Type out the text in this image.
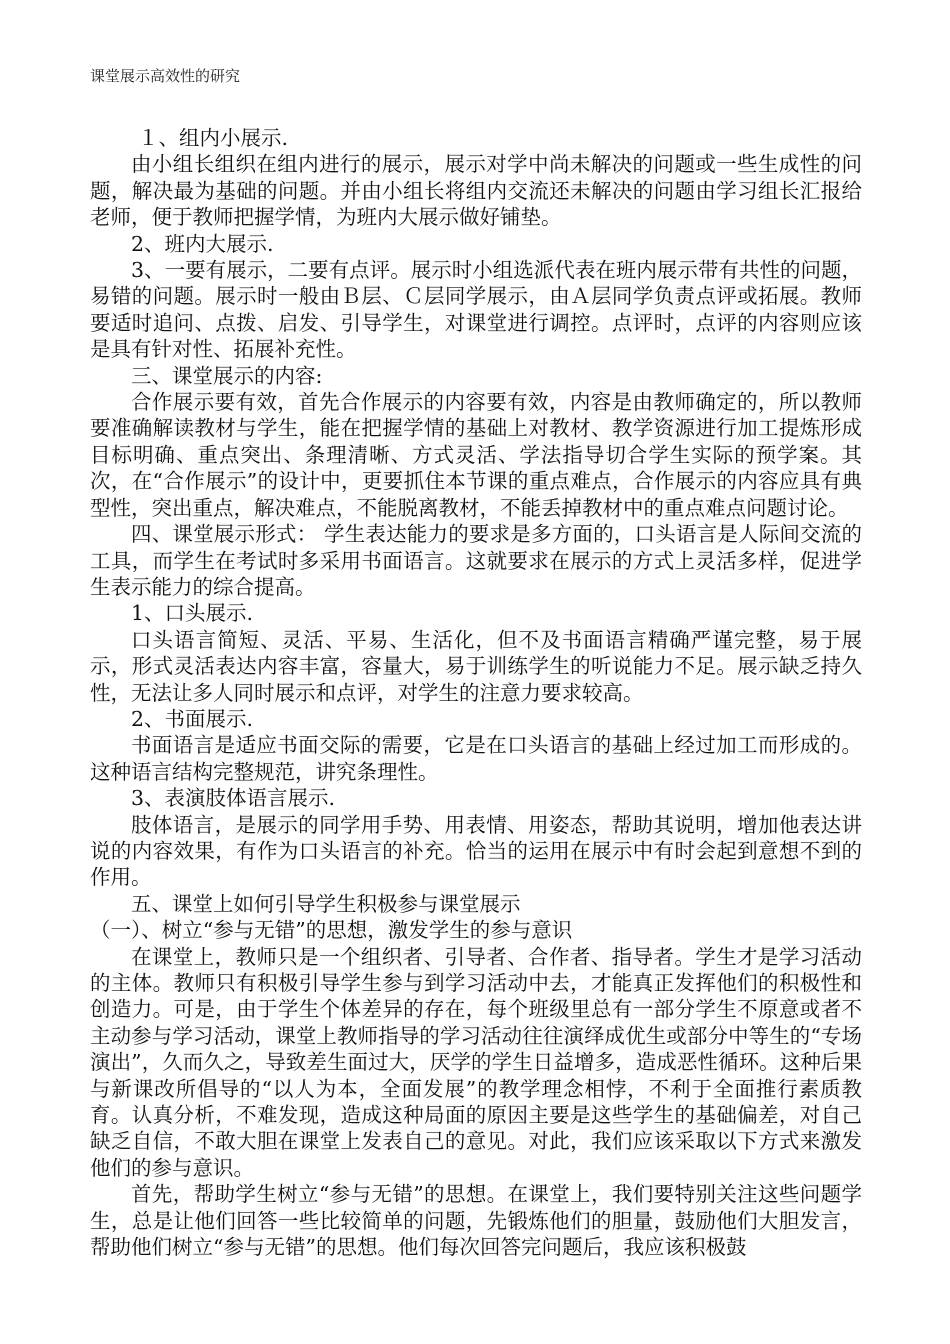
课堂展示高效性的研究

１、组内小展示.

由小组长组织在组内进行的展示，展示对学中尚未解决的问题或一些生成性的问题，解决最为基础的问题。并由小组长将组内交流还未解决的问题由学习组长汇报给老师，便于教师把握学情，为班内大展示做好铺垫。

2、班内大展示.

3、一要有展示，二要有点评。展示时小组选派代表在班内展示带有共性的问题，易错的问题。展示时一般由Ｂ层、Ｃ层同学展示，由Ａ层同学负责点评或拓展。教师要适时追问、点拨、启发、引导学生，对课堂进行调控。点评时，点评的内容则应该是具有针对性、拓展补充性。

三、课堂展示的内容:

合作展示要有效，首先合作展示的内容要有效，内容是由教师确定的，所以教师要准确解读教材与学生，能在把握学情的基础上对教材、教学资源进行加工提炼形成目标明确、重点突出、条理清晰、方式灵活、学法指导切合学生实际的预学案。其次，在“合作展示”的设计中，更要抓住本节课的重点难点，合作展示的内容应具有典型性，突出重点，解决难点，不能脱离教材，不能丢掉教材中的重点难点问题讨论。

四、课堂展示形式： 学生表达能力的要求是多方面的，口头语言是人际间交流的工具，而学生在考试时多采用书面语言。这就要求在展示的方式上灵活多样，促进学生表示能力的综合提高。

1、口头展示.

口头语言简短、灵活、平易、生活化，但不及书面语言精确严谨完整，易于展示，形式灵活表达内容丰富，容量大，易于训练学生的听说能力不足。展示缺乏持久性，无法让多人同时展示和点评，对学生的注意力要求较高。

2、书面展示.

书面语言是适应书面交际的需要，它是在口头语言的基础上经过加工而形成的。这种语言结构完整规范，讲究条理性。

3、表演肢体语言展示.

肢体语言，是展示的同学用手势、用表情、用姿态，帮助其说明，增加他表达讲说的内容效果，有作为口头语言的补充。恰当的运用在展示中有时会起到意想不到的作用。

五、课堂上如何引导学生积极参与课堂展示

（一）、树立“参与无错”的思想，激发学生的参与意识

在课堂上，教师只是一个组织者、引导者、合作者、指导者。学生才是学习活动的主体。教师只有积极引导学生参与到学习活动中去，才能真正发挥他们的积极性和创造力。可是，由于学生个体差异的存在，每个班级里总有一部分学生不原意或者不主动参与学习活动，课堂上教师指导的学习活动往往演绎成优生或部分中等生的“专场演出”，久而久之，导致差生面过大，厌学的学生日益增多，造成恶性循环。这种后果与新课改所倡导的“以人为本，全面发展”的教学理念相悖，不利于全面推行素质教育。认真分析，不难发现，造成这种局面的原因主要是这些学生的基础偏差，对自己缺乏自信，不敢大胆在课堂上发表自己的意见。对此，我们应该采取以下方式来激发他们的参与意识。

首先，帮助学生树立“参与无错”的思想。在课堂上，我们要特别关注这些问题学生，总是让他们回答一些比较简单的问题，先锻炼他们的胆量，鼓励他们大胆发言，帮助他们树立“参与无错”的思想。他们每次回答完问题后，我应该积极鼓
